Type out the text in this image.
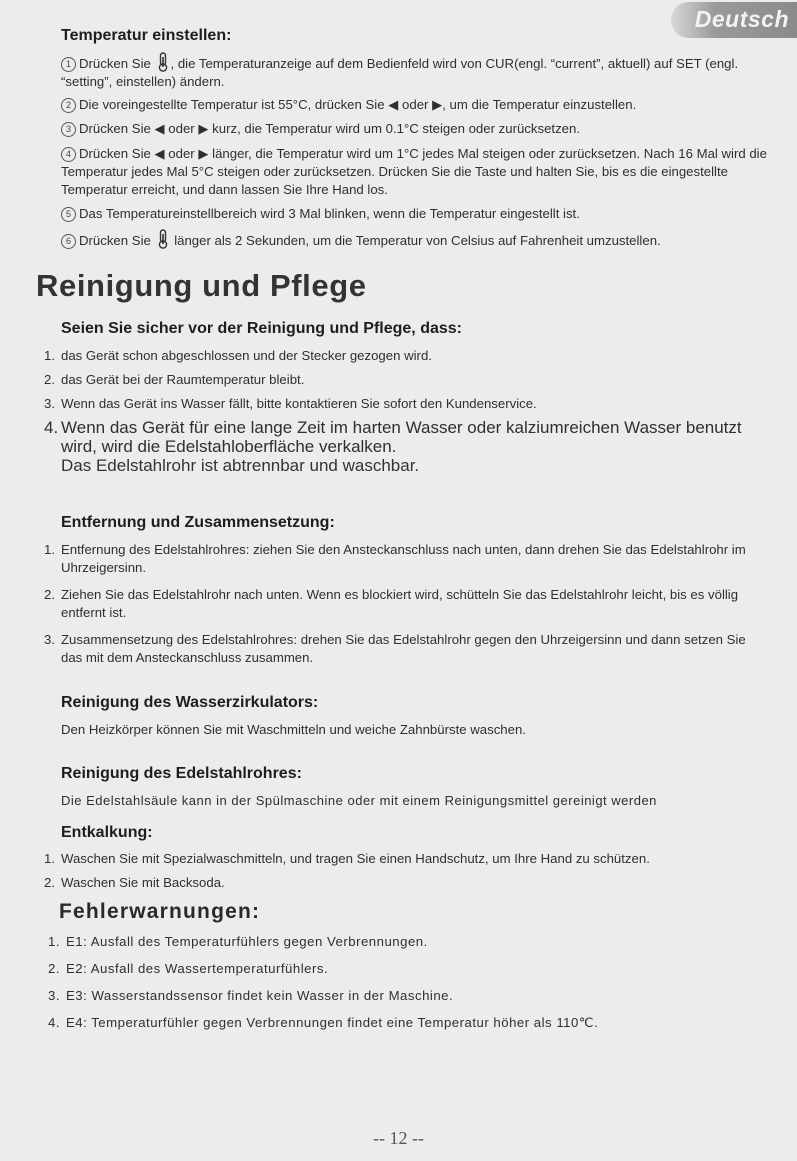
Deutsch
Temperatur einstellen:

1 Drücken Sie , die Temperaturanzeige auf dem Bedienfeld wird von CUR(engl. “current”, aktuell) auf SET (engl. “setting”, einstellen) ändern.

2 Die voreingestellte Temperatur ist 55°C, drücken Sie ◀ oder ▶, um die Temperatur einzustellen.

3 Drücken Sie ◀ oder ▶ kurz, die Temperatur wird um 0.1°C steigen oder zurücksetzen.

4 Drücken Sie ◀ oder ▶ länger, die Temperatur wird um 1°C jedes Mal steigen oder zurücksetzen. Nach 16 Mal wird die Temperatur jedes Mal 5°C steigen oder zurücksetzen. Drücken Sie die Taste und halten Sie, bis es die eingestellte Temperatur erreicht, und dann lassen Sie Ihre Hand los.

5 Das Temperatureinstellbereich wird 3 Mal blinken, wenn die Temperatur eingestellt ist.

6 Drücken Sie länger als 2 Sekunden, um die Temperatur von Celsius auf Fahrenheit umzustellen.

Reinigung und Pflege
Seien Sie sicher vor der Reinigung und Pflege, dass:
1. das Gerät schon abgeschlossen und der Stecker gezogen wird.
2. das Gerät bei der Raumtemperatur bleibt.
3. Wenn das Gerät ins Wasser fällt, bitte kontaktieren Sie sofort den Kundenservice.
4. Wenn das Gerät für eine lange Zeit im harten Wasser oder kalziumreichen Wasser benutzt wird, wird die Edelstahloberfläche verkalken.

Das Edelstahlrohr ist abtrennbar und waschbar.

Entfernung und Zusammensetzung:
1. Entfernung des Edelstahlrohres: ziehen Sie den Ansteckanschluss nach unten, dann drehen Sie das Edelstahlrohr im Uhrzeigersinn.
2. Ziehen Sie das Edelstahlrohr nach unten. Wenn es blockiert wird, schütteln Sie das Edelstahlrohr leicht, bis es völlig entfernt ist.
3. Zusammensetzung des Edelstahlrohres: drehen Sie das Edelstahlrohr gegen den Uhrzeigersinn und dann setzen Sie das mit dem Ansteckanschluss zusammen.
Reinigung des Wasserzirkulators:

Den Heizkörper können Sie mit Waschmitteln und weiche Zahnbürste waschen.

Reinigung des Edelstahlrohres:

Die Edelstahlsäule kann in der Spülmaschine oder mit einem Reinigungsmittel gereinigt werden

Entkalkung:
1. Waschen Sie mit Spezialwaschmitteln, und tragen Sie einen Handschutz, um Ihre Hand zu schützen.
2. Waschen Sie mit Backsoda.
Fehlerwarnungen:
1. E1: Ausfall des Temperaturfühlers gegen Verbrennungen.
2. E2: Ausfall des Wassertemperaturfühlers.
3. E3: Wasserstandssensor findet kein Wasser in der Maschine.
4. E4: Temperaturfühler gegen Verbrennungen findet eine Temperatur höher als 110℃.
-- 12 --
